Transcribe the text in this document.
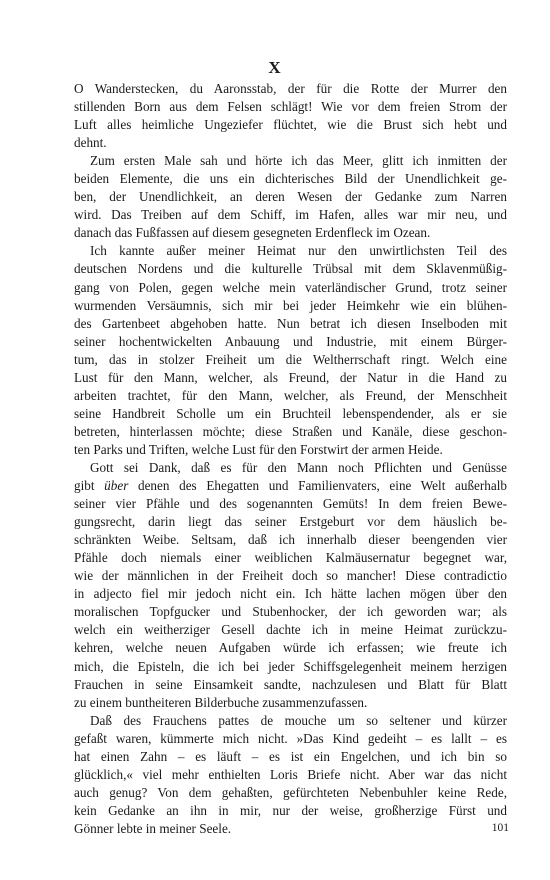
X

O Wanderstecken, du Aaronsstab, der für die Rotte der Murrer den
stillenden Born aus dem Felsen schlägt! Wie vor dem freien Strom der
Luft alles heimliche Ungeziefer flüchtet, wie die Brust sich hebt und
dehnt.

Zum ersten Male sah und hörte ich das Meer, glitt ich inmitten der
beiden Elemente, die uns ein dichterisches Bild der Unendlichkeit ge-
ben, der Unendlichkeit, an deren Wesen der Gedanke zum Narren
wird. Das Treiben auf dem Schiff, im Hafen, alles war mir neu, und
danach das Fußfassen auf diesem gesegneten Erdenfleck im Ozean.

Ich kannte außer meiner Heimat nur den unwirtlichsten Teil des
deutschen Nordens und die kulturelle Trübsal mit dem Sklavenmüßig-
gang von Polen, gegen welche mein vaterländischer Grund, trotz seiner
wurmenden Versäumnis, sich mir bei jeder Heimkehr wie ein blühen-
des Gartenbeet abgehoben hatte. Nun betrat ich diesen Inselboden mit
seiner hochentwickelten Anbauung und Industrie, mit einem Bürger-
tum, das in stolzer Freiheit um die Weltherrschaft ringt. Welch eine
Lust für den Mann, welcher, als Freund, der Natur in die Hand zu
arbeiten trachtet, für den Mann, welcher, als Freund, der Menschheit
seine Handbreit Scholle um ein Bruchteil lebenspendender, als er sie
betreten, hinterlassen möchte; diese Straßen und Kanäle, diese geschon-
ten Parks und Triften, welche Lust für den Forstwirt der armen Heide.

Gott sei Dank, daß es für den Mann noch Pflichten und Genüsse
gibt über denen des Ehegatten und Familienvaters, eine Welt außerhalb
seiner vier Pfähle und des sogenannten Gemüts! In dem freien Bewe-
gungsrecht, darin liegt das seiner Erstgeburt vor dem häuslich be-
schränkten Weibe. Seltsam, daß ich innerhalb dieser beengenden vier
Pfähle doch niemals einer weiblichen Kalmäusernatur begegnet war,
wie der männlichen in der Freiheit doch so mancher! Diese contradictio
in adjecto fiel mir jedoch nicht ein. Ich hätte lachen mögen über den
moralischen Topfgucker und Stubenhocker, der ich geworden war; als
welch ein weitherziger Gesell dachte ich in meine Heimat zurückzu-
kehren, welche neuen Aufgaben würde ich erfassen; wie freute ich
mich, die Episteln, die ich bei jeder Schiffsgelegenheit meinem herzigen
Frauchen in seine Einsamkeit sandte, nachzulesen und Blatt für Blatt
zu einem buntheiteren Bilderbuche zusammenzufassen.

Daß des Frauchens pattes de mouche um so seltener und kürzer
gefaßt waren, kümmerte mich nicht. »Das Kind gedeiht – es lallt – es
hat einen Zahn – es läuft – es ist ein Engelchen, und ich bin so
glücklich,« viel mehr enthielten Loris Briefe nicht. Aber war das nicht
auch genug? Von dem gehaßten, gefürchteten Nebenbuhler keine Rede,
kein Gedanke an ihn in mir, nur der weise, großherzige Fürst und
Gönner lebte in meiner Seele.	101
